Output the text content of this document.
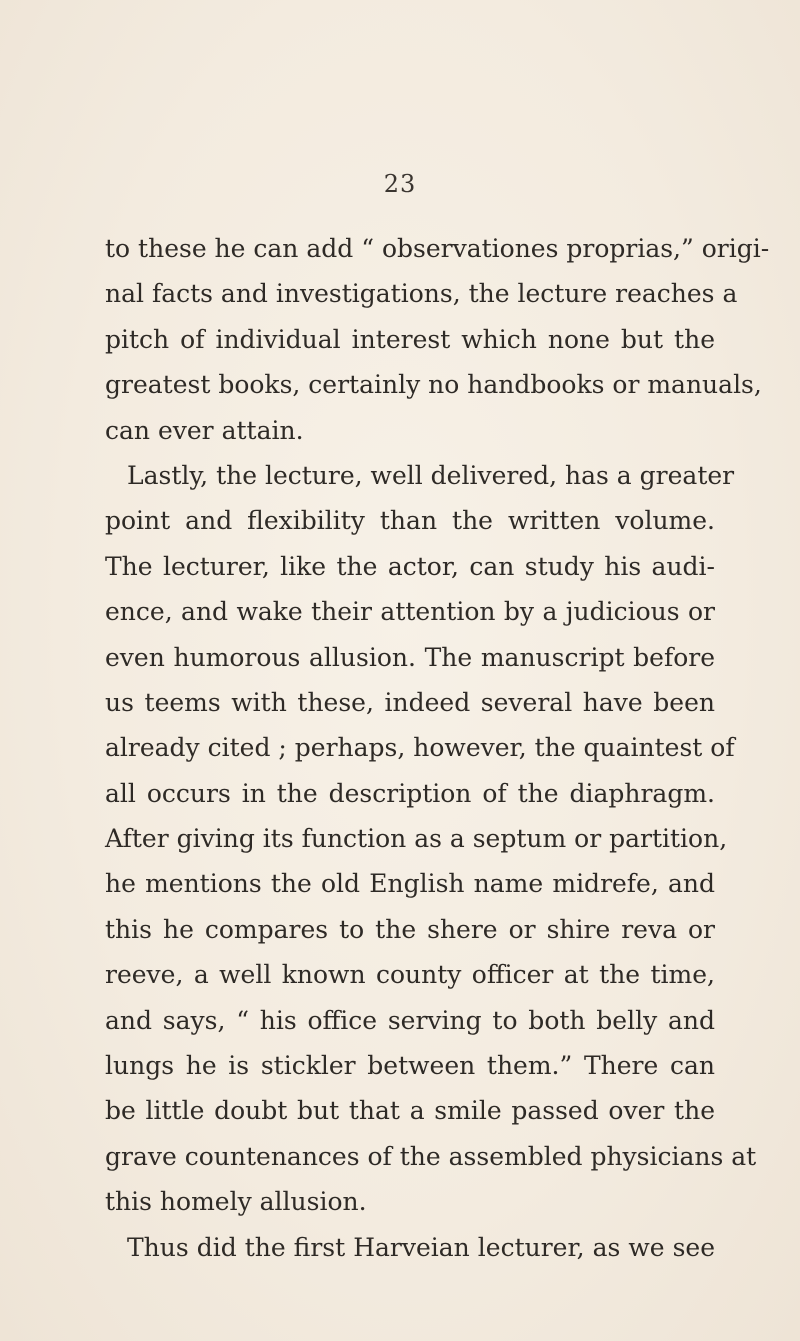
23
to these he can add “ observationes proprias,” origi-
nal facts and investigations, the lecture reaches a
pitch of individual interest which none but the
greatest books, certainly no handbooks or manuals,
can ever attain.
Lastly, the lecture, well delivered, has a greater
point and flexibility than the written volume.
The lecturer, like the actor, can study his audi-
ence, and wake their attention by a judicious or
even humorous allusion. The manuscript before
us teems with these, indeed several have been
already cited ; perhaps, however, the quaintest of
all occurs in the description of the diaphragm.
After giving its function as a septum or partition,
he mentions the old English name midrefe, and
this he compares to the shere or shire reva or
reeve, a well known county officer at the time,
and says, “ his office serving to both belly and
lungs he is stickler between them.” There can
be little doubt but that a smile passed over the
grave countenances of the assembled physicians at
this homely allusion.
Thus did the first Harveian lecturer, as we see
